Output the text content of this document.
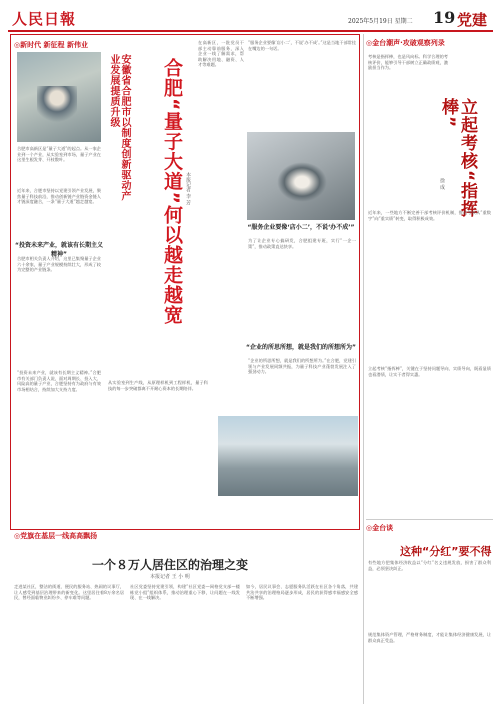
人民日報	2025年5月19日 星期二 19 党建
◎新时代 新征程 新伟业
安徽省合肥市以制度创新驱动产业发展提质升级	合肥“量子大道”何以越走越宽 本报记者 李 芳
合肥市高新区是“量子大道”的起点。从一家企业到一个产业，从实验室到市场，量子产业在这里生根发芽、开枝散叶。
近年来，合肥市坚持以党建引领产业发展，聚焦量子科技前沿，推动创新链产业链资金链人才链深度融合，一条“量子大道”越走越宽。
“投资未来产业，就该有长期主义精神”
合肥市相关负责人介绍，这里已集聚量子企业六十余家，量子产业规模持续壮大，形成了较为完整的产业链条。
“投资未来产业，就该有长期主义精神。”合肥市有关部门负责人说，面对周期长、投入大、风险高的量子产业，合肥坚持有为政府与有效市场相结合，持续加大支持力度。
从实验室到生产线，从原理样机到工程样机，量子科技的每一步突破都离不开耐心资本的长期陪伴。
在高新区，一批党员干部主动靠前服务，深入企业一线了解需求，帮助解决用地、融资、人才等难题。
“服务企业要像‘店小二’，不说‘办不成’”
“服务企业要像‘店小二’，不说‘办不成’。”这是当地干部常挂在嘴边的一句话。
为了让企业专心搞研发，合肥组建专班，实行“一企一策”，推动政策直达快享。
“企业的所思所想，就是我们的所想所为”
“企业的所思所想，就是我们的所想所为。”在合肥，党建引领与产业发展同频共振，为量子科技产业蓬勃发展注入了强劲动力。
◎金台潮声·攻破观察列录
立起考核“指挥棒”
徐 成
考核是指挥棒，也是风向标。科学合理的考核评价，能够引导干部树立正确政绩观，激励担当作为。
近年来，一些地方不断完善干部考核评价机制，推动考核从“重数字”向“重实绩”转变，取得积极成效。
立起考核“指挥棒”，关键在于坚持问题导向、实绩导向，既看显绩也看潜绩，让实干者得实惠。
◎金台谈
这种“分红”要不得
有些地方把集体经济收益以“分红”名义违规发放，损害了群众利益，必须坚决纠正。
规范集体资产管理，严格财务制度，才能让集体经济健康发展，让群众真正受益。
◎党旗在基层一线高高飘扬
一个８万人居住区的治理之变
本报记者 王 小 明
走进某社区，整洁的街道、便民的服务站、热闹的议事厅，让人感受到基层治理带来的新变化。这里居住着8万余名居民，曾经面临物业纠纷多、停车难等问题。
社区党委坚持党建引领，构建“社区党委—网格党支部—楼栋党小组”组织体系，推动治理重心下移，让问题在一线发现、在一线解决。
如今，居民议事会、志愿服务队活跃在社区各个角落，共建共治共享的治理格局逐步形成，居民的获得感幸福感安全感不断增强。
